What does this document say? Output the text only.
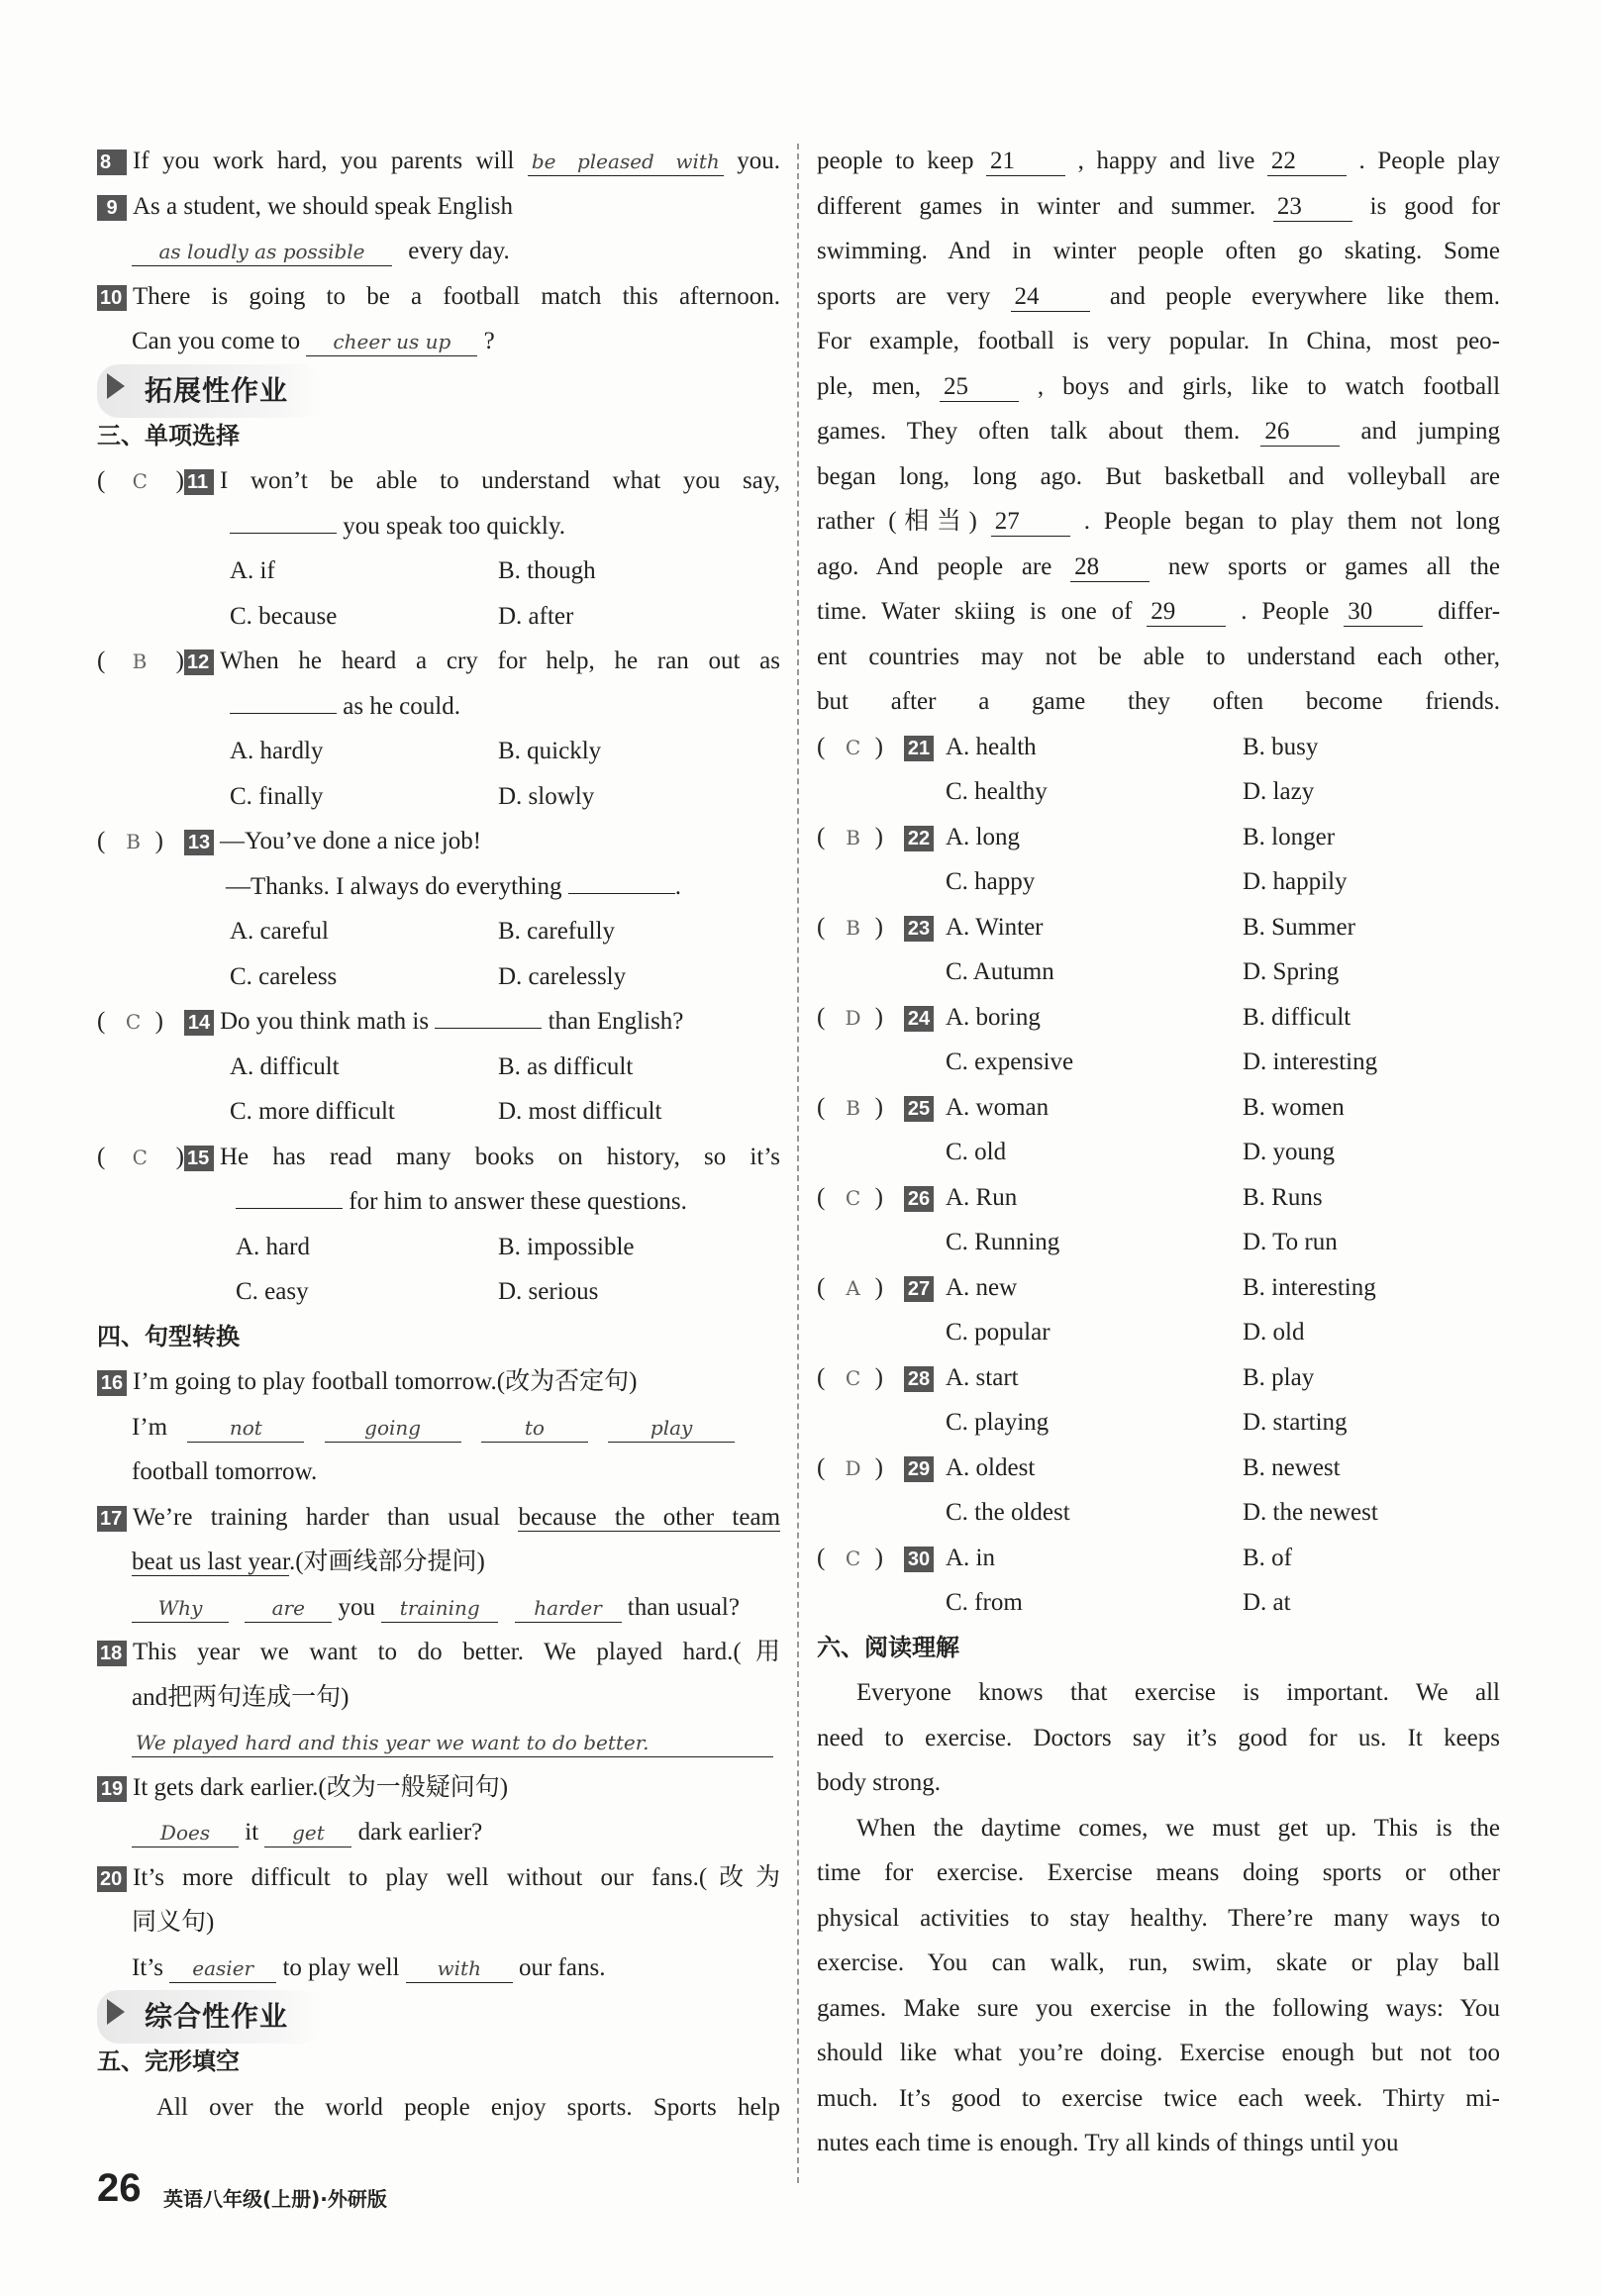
8 If you work hard, you parents will be pleased with you.
9 As a student, we should speak English
as loudly as possible every day.
10 There is going to be a football match this afternoon.
Can you come to cheer us up ?
拓展性作业
三、单项选择
( C ) 11 I won’t be able to understand what you say,
you speak too quickly.
A. if	B. though
C. because	D. after
( B ) 12 When he heard a cry for help, he ran out as
as he could.
A. hardly	B. quickly
C. finally	D. slowly
( B ) 13 —You’ve done a nice job!
—Thanks. I always do everything	.
A. careful	B. carefully
C. careless	D. carelessly
( C ) 14 Do you think math is	than English?
A. difficult	B. as difficult
C. more difficult	D. most difficult
( C ) 15 He has read many books on history, so it’s
for him to answer these questions.
A. hard	B. impossible
C. easy	D. serious
四、句型转换
16 I’m going to play football tomorrow.(改为否定句)
I’m	not	going	to	play
football tomorrow.
17 We’re training harder than usual because the other team
beat us last year.(对画线部分提问)
Why	are you training	harder than usual?
18 This year we want to do better. We played hard.(用
and把两句连成一句)
We played hard and this year we want to do better.
19 It gets dark earlier.(改为一般疑问句)
Does it get dark earlier?
20 It’s more difficult to play well without our fans.(改为
同义句)
It’s easier to play well with our fans.
综合性作业
五、完形填空
All over the world people enjoy sports. Sports help
people to keep 21	, happy and live 22	. People play
different games in winter and summer. 23	is good for
swimming. And in winter people often go skating. Some
sports are very 24	and people everywhere like them.
For example, football is very popular. In China, most peo-
ple, men, 25	, boys and girls, like to watch football
games. They often talk about them. 26	and jumping
began long, long ago. But basketball and volleyball are
rather (相当) 27	. People began to play them not long
ago. And people are 28	new sports or games all the
time. Water skiing is one of 29	. People 30	differ-
ent countries may not be able to understand each other,
but after a game they often become friends.
( C ) 21 A. health	B. busy
C. healthy	D. lazy
( B ) 22 A. long	B. longer
C. happy	D. happily
( B ) 23 A. Winter	B. Summer
C. Autumn	D. Spring
( D ) 24 A. boring	B. difficult
C. expensive	D. interesting
( B ) 25 A. woman	B. women
C. old	D. young
( C ) 26 A. Run	B. Runs
C. Running	D. To run
( A ) 27 A. new	B. interesting
C. popular	D. old
( C ) 28 A. start	B. play
C. playing	D. starting
( D ) 29 A. oldest	B. newest
C. the oldest	D. the newest
( C ) 30 A. in	B. of
C. from	D. at
六、阅读理解
Everyone knows that exercise is important. We all
need to exercise. Doctors say it’s good for us. It keeps
body strong.
When the daytime comes, we must get up. This is the
time for exercise. Exercise means doing sports or other
physical activities to stay healthy. There’re many ways to
exercise. You can walk, run, swim, skate or play ball
games. Make sure you exercise in the following ways: You
should like what you’re doing. Exercise enough but not too
much. It’s good to exercise twice each week. Thirty mi-
nutes each time is enough. Try all kinds of things until you
26 英语八年级(上册)·外研版
